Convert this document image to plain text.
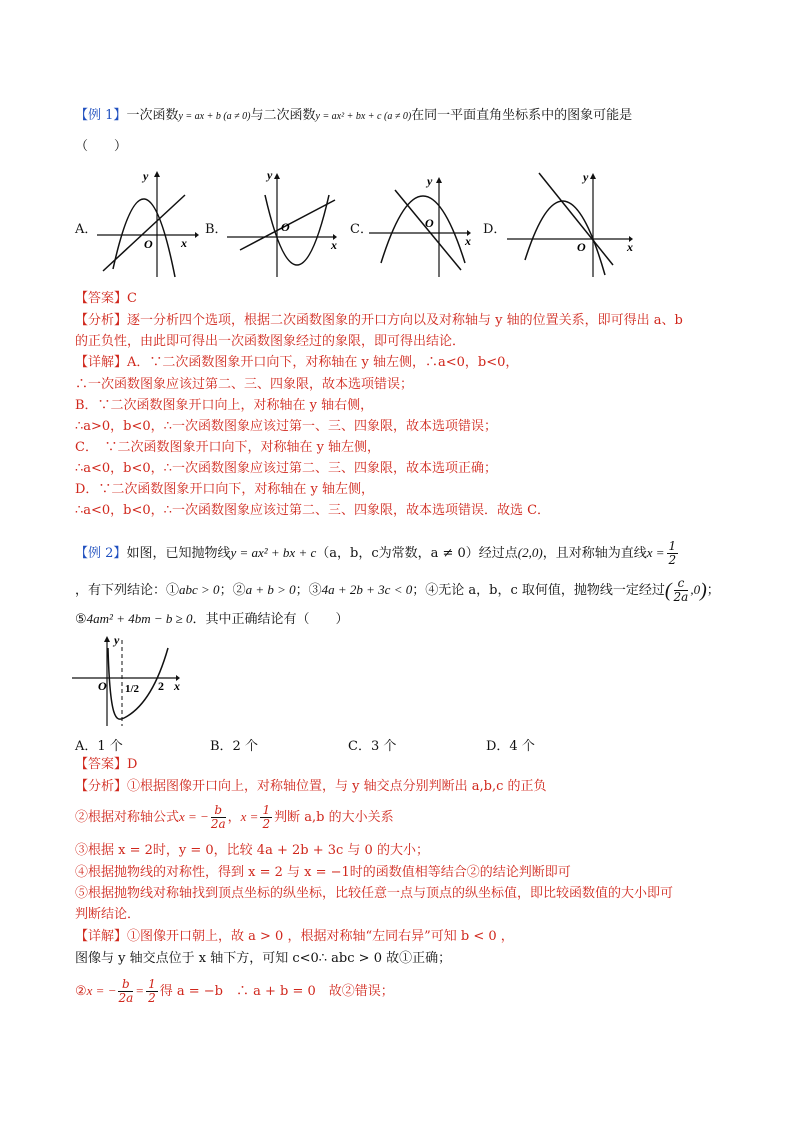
【例 1】一次函数y = ax + b (a ≠ 0)与二次函数y = ax² + bx + c (a ≠ 0)在同一平面直角坐标系中的图象可能是
（　　）
A．	B．	C．	D．
y
x
O
y
x
O
y
x
O
y
x
O
【答案】C
【分析】逐一分析四个选项，根据二次函数图象的开口方向以及对称轴与 y 轴的位置关系，即可得出 a、b
的正负性，由此即可得出一次函数图象经过的象限，即可得出结论．
【详解】A．∵二次函数图象开口向下，对称轴在 y 轴左侧，∴a<0，b<0，
∴一次函数图象应该过第二、三、四象限，故本选项错误；
B．∵二次函数图象开口向上，对称轴在 y 轴右侧，
∴a>0，b<0，∴一次函数图象应该过第一、三、四象限，故本选项错误；
C．　∵二次函数图象开口向下，对称轴在 y 轴左侧，
∴a<0，b<0，∴一次函数图象应该过第二、三、四象限，故本选项正确；
D．∵二次函数图象开口向下，对称轴在 y 轴左侧，
∴a<0，b<0，∴一次函数图象应该过第二、三、四象限，故本选项错误．故选 C．
【例 2】如图，已知抛物线y = ax² + bx + c（a，b，c为常数，a ≠ 0）经过点(2,0)，且对称轴为直线$x = \frac{1}{2}$
，有下列结论：①abc > 0；②a + b > 0；③4a + 2b + 3c < 0；④无论 a，b，c 取何值，抛物线一定经过( $\frac{c}{2a} ,0$)；
⑤4am² + 4bm − b ≥ 0．其中正确结论有（　　）
y
x
O 1/2 2
A．1 个	B．2 个	C．3 个	D．4 个
【答案】D
【分析】①根据图像开口向上，对称轴位置，与 y 轴交点分别判断出 a,b,c 的正负
②根据对称轴公式x = − $\frac{b}{2a}$ ，$x = \frac{1}{2}$ 判断 a,b 的大小关系
③根据 x = 2时，y = 0，比较 4a + 2b + 3c 与 0 的大小；
④根据抛物线的对称性，得到 x = 2 与 x = −1时的函数值相等结合②的结论判断即可
⑤根据抛物线对称轴找到顶点坐标的纵坐标，比较任意一点与顶点的纵坐标值，即比较函数值的大小即可
判断结论．
【详解】①图像开口朝上，故 a > 0 ，根据对称轴“左同右异”可知 b < 0 ，
图像与 y 轴交点位于 x 轴下方，可知 c<0∴ abc > 0 故①正确；
②x = − $\frac{b}{2a} = \frac{1}{2}$ 得 a = −b　∴ a + b = 0　故②错误；
